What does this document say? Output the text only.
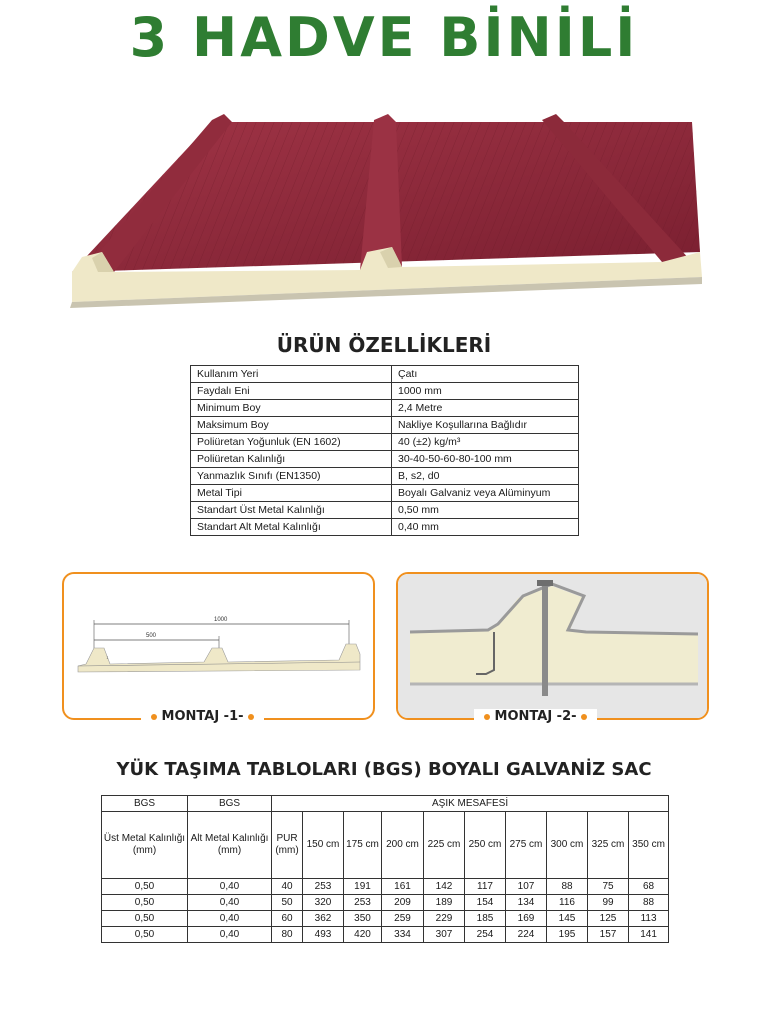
3 HADVE BİNİLİ
ÜRÜN ÖZELLİKLERİ
Kullanım Yeri	Çatı
Faydalı Eni	1000 mm
Minimum Boy	2,4 Metre
Maksimum Boy	Nakliye Koşullarına Bağlıdır
Poliüretan Yoğunluk (EN 1602)	40 (±2) kg/m³
Poliüretan Kalınlığı	30-40-50-60-80-100 mm
Yanmazlık Sınıfı (EN1350)	B, s2, d0
Metal Tipi	Boyalı Galvaniz veya Alüminyum
Standart Üst Metal Kalınlığı	0,50 mm
Standart Alt Metal Kalınlığı	0,40 mm
1000
500
↕
MONTAJ -1-	MONTAJ -2-
YÜK TAŞIMA TABLOLARI (BGS) BOYALI GALVANİZ SAC
BGS	BGS	AŞIK MESAFESİ									
Üst Metal Kalınlığı (mm)	Alt Metal Kalınlığı (mm)	PUR (mm)	150 cm	175 cm	200 cm	225 cm	250 cm	275 cm	300 cm	325 cm	350 cm
0,50	0,40	40	253	191	161	142	117	107	88	75	68
0,50	0,40	50	320	253	209	189	154	134	116	99	88
0,50	0,40	60	362	350	259	229	185	169	145	125	113
0,50	0,40	80	493	420	334	307	254	224	195	157	141
